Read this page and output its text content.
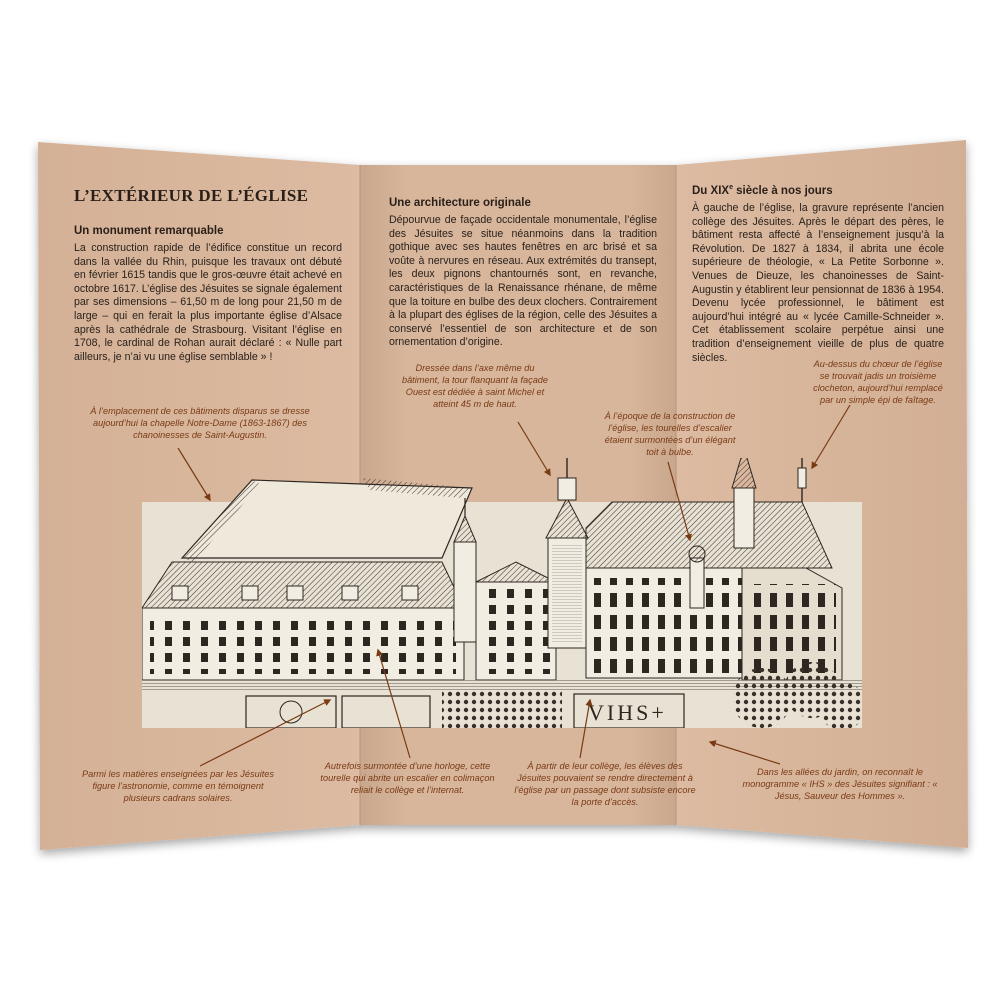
L’EXTÉRIEUR DE L’ÉGLISE
Un monument remarquable
La construction rapide de l’édifice constitue un record dans la vallée du Rhin, puisque les travaux ont débuté en février 1615 tandis que le gros-œuvre était achevé en octobre 1617. L’église des Jésuites se signale également par ses dimensions – 61,50 m de long pour 21,50 m de large – qui en ferait la plus importante église d’Alsace après la cathédrale de Strasbourg. Visitant l’église en 1708, le cardinal de Rohan aurait déclaré : « Nulle part ailleurs, je n’ai vu une église semblable » !
Une architecture originale
Dépourvue de façade occidentale monumentale, l’église des Jésuites se situe néanmoins dans la tradition gothique avec ses hautes fenêtres en arc brisé et sa voûte à nervures en réseau. Aux extrémités du transept, les deux pignons chantournés sont, en revanche, caractéristiques de la Renaissance rhénane, de même que la toiture en bulbe des deux clochers. Contrairement à la plupart des églises de la région, celle des Jésuites a conservé l’essentiel de son architecture et de son ornementation d’origine.
Du XIXe siècle à nos jours
À gauche de l’église, la gravure représente l’ancien collège des Jésuites. Après le départ des pères, le bâtiment resta affecté à l’enseignement jusqu’à la Révolution. De 1827 à 1834, il abrita une école supérieure de théologie, « La Petite Sorbonne ». Venues de Dieuze, les chanoinesses de Saint-Augustin y établirent leur pensionnat de 1836 à 1954. Devenu lycée professionnel, le bâtiment est aujourd’hui intégré au « lycée Camille-Schneider ». Cet établissement scolaire perpétue ainsi une tradition d’enseignement vieille de plus de quatre siècles.
VIHS+
À l’emplacement de ces bâtiments disparus se dresse aujourd’hui la chapelle Notre-Dame (1863-1867) des chanoinesses de Saint-Augustin.
Dressée dans l’axe même du bâtiment, la tour flanquant la façade Ouest est dédiée à saint Michel et atteint 45 m de haut.
À l’époque de la construction de l’église, les tourelles d’escalier étaient surmontées d’un élégant toit à bulbe.
Au-dessus du chœur de l’église se trouvait jadis un troisième clocheton, aujourd’hui remplacé par un simple épi de faîtage.
Parmi les matières enseignées par les Jésuites figure l’astronomie, comme en témoignent plusieurs cadrans solaires.
Autrefois surmontée d’une horloge, cette tourelle qui abrite un escalier en colimaçon reliait le collège et l’internat.
À partir de leur collège, les élèves des Jésuites pouvaient se rendre directement à l’église par un passage dont subsiste encore la porte d’accès.
Dans les allées du jardin, on reconnaît le monogramme « IHS » des Jésuites signifiant : « Jésus, Sauveur des Hommes ».
